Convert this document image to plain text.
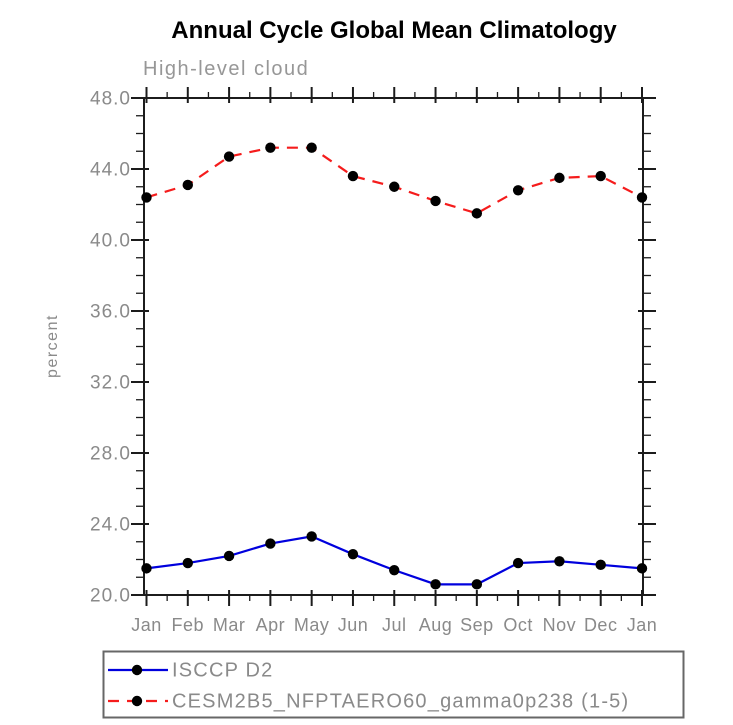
Annual Cycle Global Mean Climatology
High-level cloud
percent
20.0
24.0
28.0
32.0
36.0
40.0
44.0
48.0
Jan Feb Mar Apr May Jun Jul Aug Sep Oct Nov Dec Jan
ISCCP D2
CESM2B5_NFPTAERO60_gamma0p238 (1-5)
